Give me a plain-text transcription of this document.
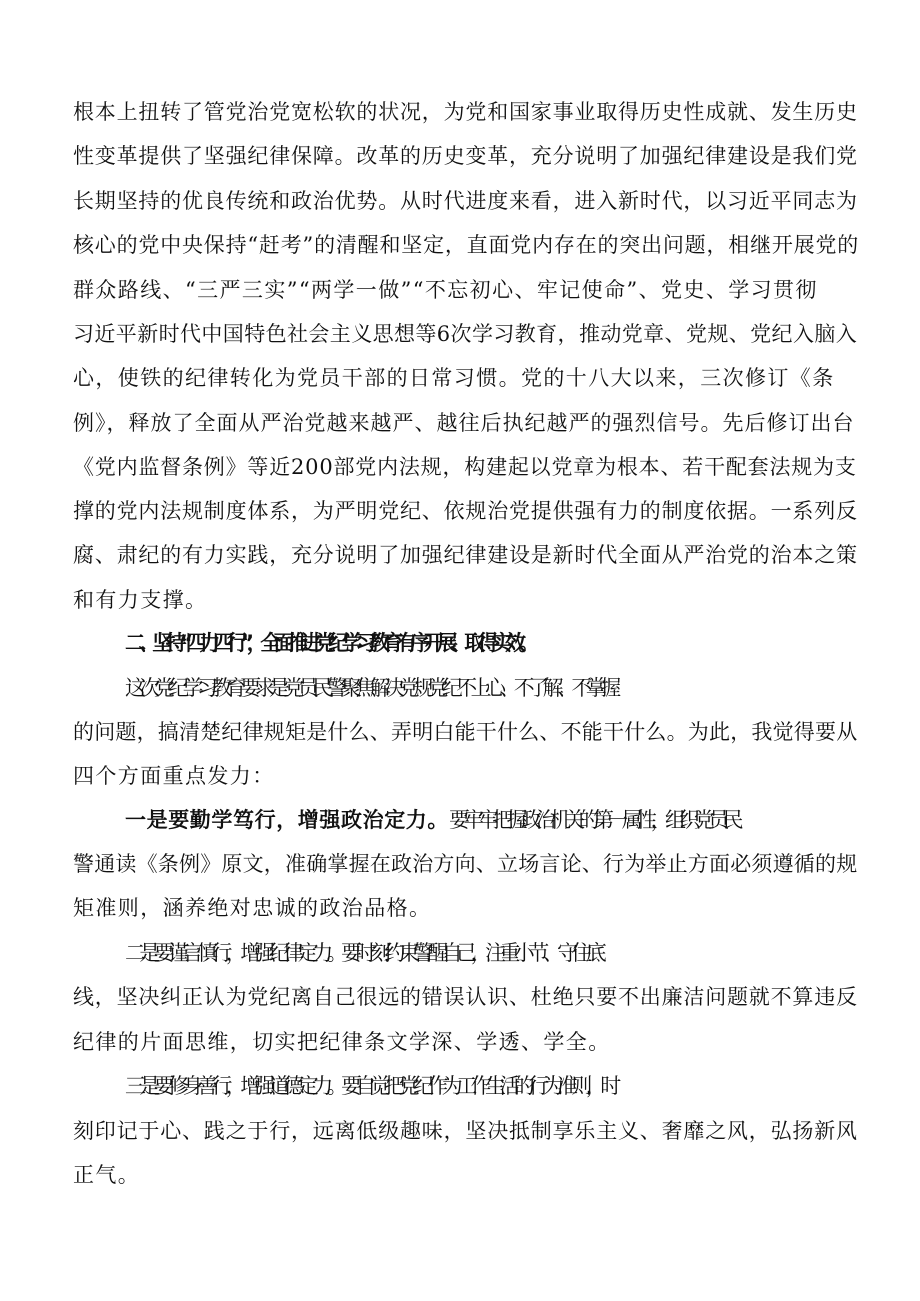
根本上扭转了管党治党宽松软的状况，为党和国家事业取得历史性成就、发生历史
性变革提供了坚强纪律保障。改革的历史变革，充分说明了加强纪律建设是我们党
长期坚持的优良传统和政治优势。从时代进度来看，进入新时代，以习近平同志为
核心的党中央保持“赶考”的清醒和坚定，直面党内存在的突出问题，相继开展党的
群众路线、“三严三实”“两学一做”“不忘初心、牢记使命”、党史、学习贯彻
习近平新时代中国特色社会主义思想等6次学习教育，推动党章、党规、党纪入脑入
心，使铁的纪律转化为党员干部的日常习惯。党的十八大以来，三次修订《条
例》，释放了全面从严治党越来越严、越往后执纪越严的强烈信号。先后修订出台
《党内监督条例》等近200部党内法规，构建起以党章为根本、若干配套法规为支
撑的党内法规制度体系，为严明党纪、依规治党提供强有力的制度依据。一系列反
腐、肃纪的有力实践，充分说明了加强纪律建设是新时代全面从严治党的治本之策
和有力支撑。
二、坚持“四力四行”，全面推进党纪学习教育有序开展、取得实效。
这次党纪学习教育要求是党员民警聚焦解决党规党纪不上心、不了解、不掌握
的问题，搞清楚纪律规矩是什么、弄明白能干什么、不能干什么。为此，我觉得要从
四个方面重点发力：
一是要勤学笃行，增强政治定力。要牢牢把握政治机关的第一属性，组织党员民
警通读《条例》原文，准确掌握在政治方向、立场言论、行为举止方面必须遵循的规
矩准则，涵养绝对忠诚的政治品格。
二是要谨言慎行，增强纪律定力。要时刻约束警醒自己，注重小节、守住底
线，坚决纠正认为党纪离自己很远的错误认识、杜绝只要不出廉洁问题就不算违反
纪律的片面思维，切实把纪律条文学深、学透、学全。
三是要修身善行，增强道德定力。要自觉把党纪作为工作生活的行为准则，时
刻印记于心、践之于行，远离低级趣味，坚决抵制享乐主义、奢靡之风，弘扬新风
正气。
